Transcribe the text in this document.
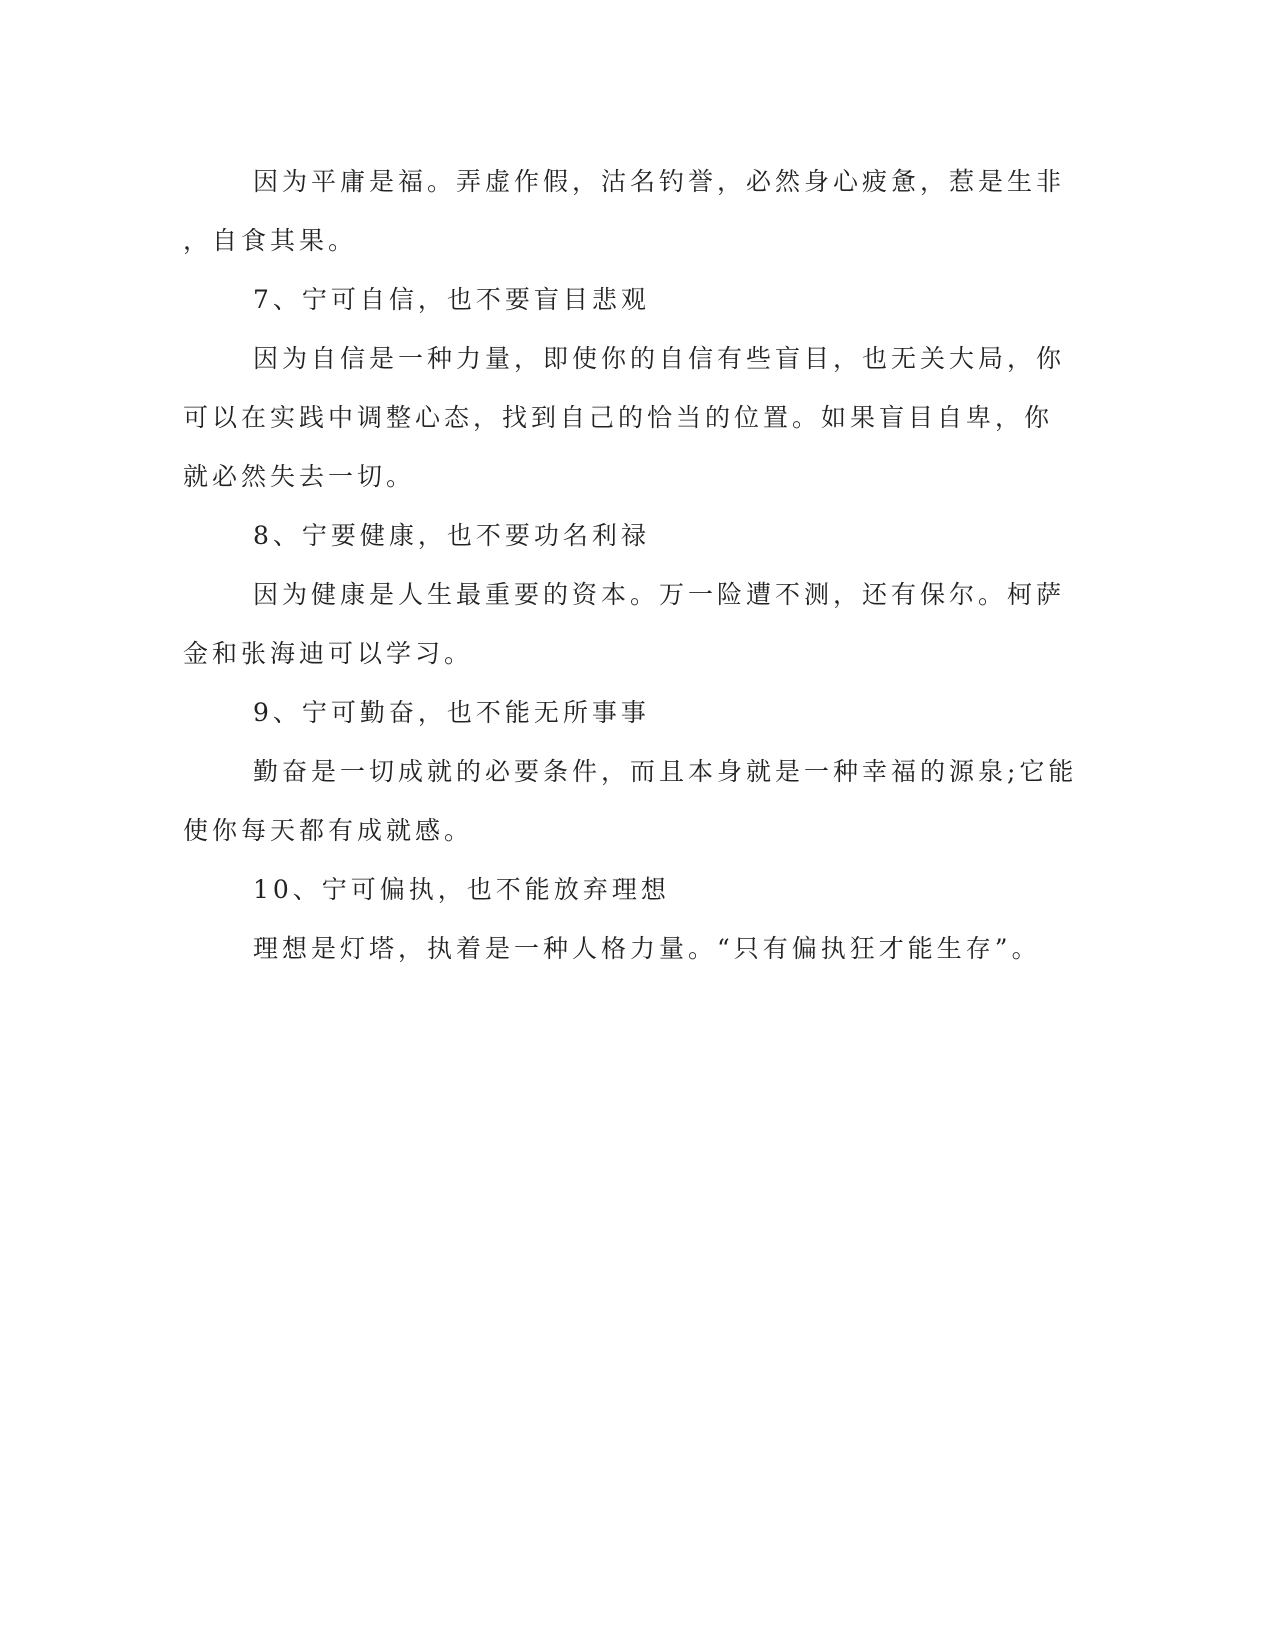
因为平庸是福。弄虚作假，沽名钓誉，必然身心疲惫，惹是生非
，自食其果。
7、宁可自信，也不要盲目悲观
因为自信是一种力量，即使你的自信有些盲目，也无关大局，你
可以在实践中调整心态，找到自己的恰当的位置。如果盲目自卑，你
就必然失去一切。
8、宁要健康，也不要功名利禄
因为健康是人生最重要的资本。万一险遭不测，还有保尔。柯萨
金和张海迪可以学习。
9、宁可勤奋，也不能无所事事
勤奋是一切成就的必要条件，而且本身就是一种幸福的源泉;它能
使你每天都有成就感。
10、宁可偏执，也不能放弃理想
理想是灯塔，执着是一种人格力量。“只有偏执狂才能生存”。
